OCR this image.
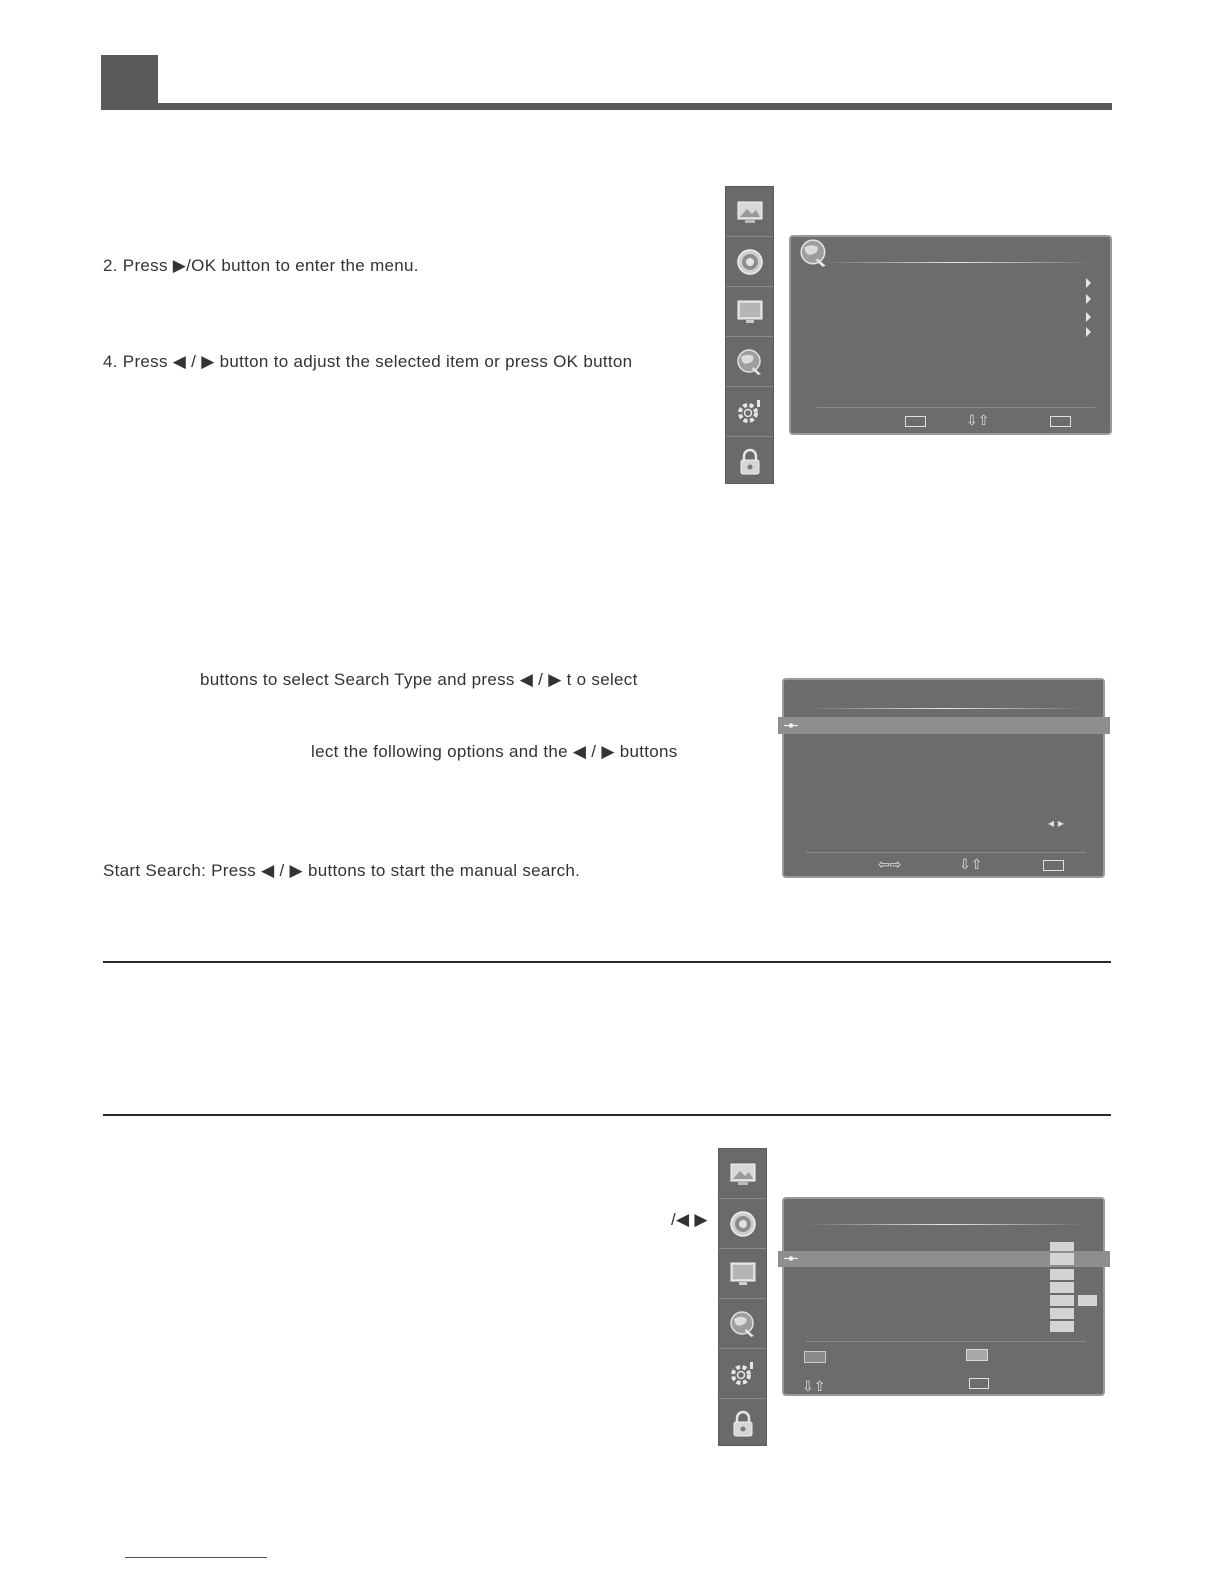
2. Press ▶/OK button to enter the menu.
4. Press ◀ / ▶ button to adjust the selected item or press OK button
⇩⇧
buttons to select Search Type and press ◀ / ▶ t o select
lect the following options and the ◀ / ▶ buttons
Start Search: Press ◀ / ▶ buttons to start the manual search.
◂ ▸
⇦⇨	⇩⇧
/◀ ▶
⇩⇧
